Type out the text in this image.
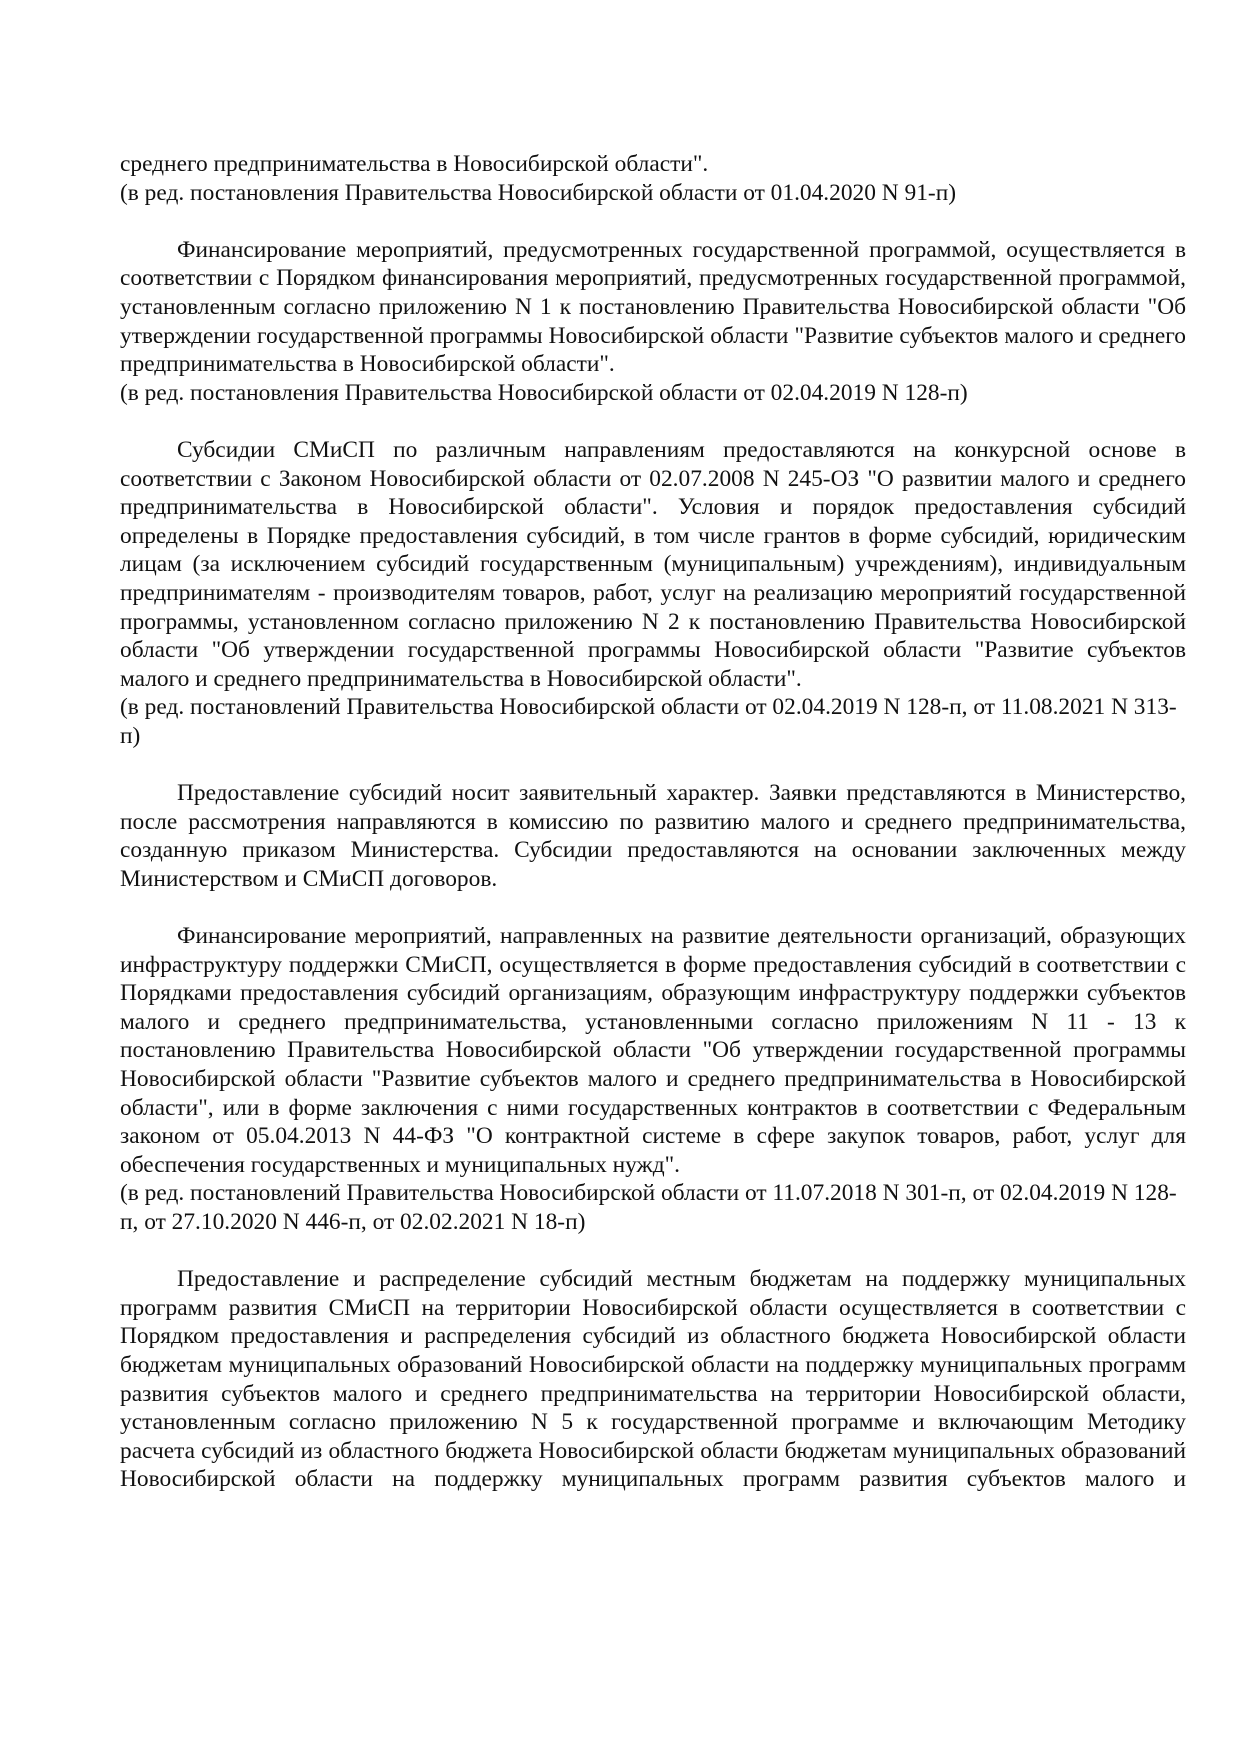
среднего предпринимательства в Новосибирской области".

(в ред. постановления Правительства Новосибирской области от 01.04.2020 N 91-п)

Финансирование мероприятий, предусмотренных государственной программой, осуществляется в соответствии с Порядком финансирования мероприятий, предусмотренных государственной программой, установленным согласно приложению N 1 к постановлению Правительства Новосибирской области "Об утверждении государственной программы Новосибирской области "Развитие субъектов малого и среднего предпринимательства в Новосибирской области".

(в ред. постановления Правительства Новосибирской области от 02.04.2019 N 128-п)

Субсидии СМиСП по различным направлениям предоставляются на конкурсной основе в соответствии с Законом Новосибирской области от 02.07.2008 N 245-ОЗ "О развитии малого и среднего предпринимательства в Новосибирской области". Условия и порядок предоставления субсидий определены в Порядке предоставления субсидий, в том числе грантов в форме субсидий, юридическим лицам (за исключением субсидий государственным (муниципальным) учреждениям), индивидуальным предпринимателям - производителям товаров, работ, услуг на реализацию мероприятий государственной программы, установленном согласно приложению N 2 к постановлению Правительства Новосибирской области "Об утверждении государственной программы Новосибирской области "Развитие субъектов малого и среднего предпринимательства в Новосибирской области".

(в ред. постановлений Правительства Новосибирской области от 02.04.2019 N 128-п, от 11.08.2021 N 313-п)

Предоставление субсидий носит заявительный характер. Заявки представляются в Министерство, после рассмотрения направляются в комиссию по развитию малого и среднего предпринимательства, созданную приказом Министерства. Субсидии предоставляются на основании заключенных между Министерством и СМиСП договоров.

Финансирование мероприятий, направленных на развитие деятельности организаций, образующих инфраструктуру поддержки СМиСП, осуществляется в форме предоставления субсидий в соответствии с Порядками предоставления субсидий организациям, образующим инфраструктуру поддержки субъектов малого и среднего предпринимательства, установленными согласно приложениям N 11 - 13 к постановлению Правительства Новосибирской области "Об утверждении государственной программы Новосибирской области "Развитие субъектов малого и среднего предпринимательства в Новосибирской области", или в форме заключения с ними государственных контрактов в соответствии с Федеральным законом от 05.04.2013 N 44-ФЗ "О контрактной системе в сфере закупок товаров, работ, услуг для обеспечения государственных и муниципальных нужд".

(в ред. постановлений Правительства Новосибирской области от 11.07.2018 N 301-п, от 02.04.2019 N 128-п, от 27.10.2020 N 446-п, от 02.02.2021 N 18-п)

Предоставление и распределение субсидий местным бюджетам на поддержку муниципальных программ развития СМиСП на территории Новосибирской области осуществляется в соответствии с Порядком предоставления и распределения субсидий из областного бюджета Новосибирской области бюджетам муниципальных образований Новосибирской области на поддержку муниципальных программ развития субъектов малого и среднего предпринимательства на территории Новосибирской области, установленным согласно приложению N 5 к государственной программе и включающим Методику расчета субсидий из областного бюджета Новосибирской области бюджетам муниципальных образований Новосибирской области на поддержку муниципальных программ развития субъектов малого и
